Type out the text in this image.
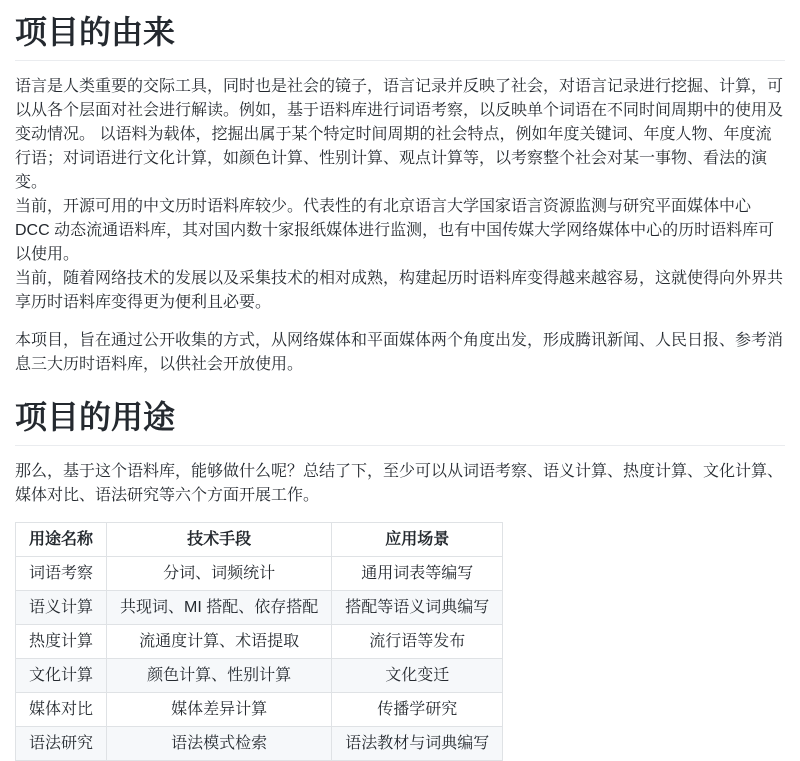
项目的由来

语言是人类重要的交际工具，同时也是社会的镜子，语言记录并反映了社会，对语言记录进行挖掘、计算，可以从各个层面对社会进行解读。例如，基于语料库进行词语考察，以反映单个词语在不同时间周期中的使用及变动情况。 以语料为载体，挖掘出属于某个特定时间周期的社会特点，例如年度关键词、年度人物、年度流行语；对词语进行文化计算，如颜色计算、性别计算、观点计算等，以考察整个社会对某一事物、看法的演变。
当前，开源可用的中文历时语料库较少。代表性的有北京语言大学国家语言资源监测与研究平面媒体中心 DCC 动态流通语料库，其对国内数十家报纸媒体进行监测，也有中国传媒大学网络媒体中心的历时语料库可以使用。
当前，随着网络技术的发展以及采集技术的相对成熟，构建起历时语料库变得越来越容易，这就使得向外界共享历时语料库变得更为便利且必要。

本项目，旨在通过公开收集的方式，从网络媒体和平面媒体两个角度出发，形成腾讯新闻、人民日报、参考消息三大历时语料库，以供社会开放使用。

项目的用途

那么，基于这个语料库，能够做什么呢？总结了下，至少可以从词语考察、语义计算、热度计算、文化计算、媒体对比、语法研究等六个方面开展工作。

用途名称	技术手段	应用场景
词语考察	分词、词频统计	通用词表等编写
语义计算	共现词、MI 搭配、依存搭配	搭配等语义词典编写
热度计算	流通度计算、术语提取	流行语等发布
文化计算	颜色计算、性别计算	文化变迁
媒体对比	媒体差异计算	传播学研究
语法研究	语法模式检索	语法教材与词典编写
